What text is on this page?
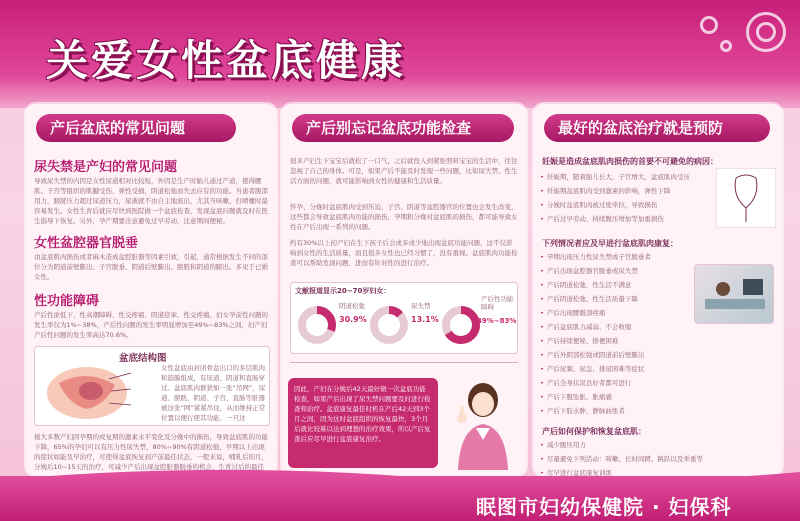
关爱女性盆底健康
产后盆底的常见问题
尿失禁是产妇的常见问题
导致尿失禁的内因是女性尿道相对比较短，外因是生产时胎儿通过产道，使得腰肌、子宫等组织的肌腱受伤，弹性受损，阴道松弛而失去应有的功能。当患者腹部用力，膀胱压力超过尿道压力，尿液就不由自主地流出，尤其当咳嗽、打喷嚏时最容易发生。女性生育后就应尽快到医院做一个盆底检查，发现盆底问题就及时在医生指导下恢复。另外，孕产期要注意避免过早劳动，注意期间便秘。
女性盆腔器官脱垂
由盆底肌肉损伤或者麻木造成盆腔脏器等因素引致，引起，通常根据发生不同的部位分为阴道前壁膨出、子宫脱垂、阴道后壁膨出、膀胱和阴道的膨出。多见于已婚女性。
性功能障碍
产后性欲低下、性高潮障碍、性交疼痛、阴道痉挛、性交疼痛。妇女孕前性问题的发生率仅为1%~38%，产后性问题的发生率明显增加至49%~83%之间，妇产妇产后性问题的发生率高达70.6%。
盆底结构图
女性盆底由封闭骨盆出口的多层肌肉和筋膜组成，有尿道、阴道和直肠穿过。盆底肌肉群犹如一张“吊网”，尿道、膀胱、阴道、子宫、直肠等脏器被这张“网”紧紧吊住，从而维持正常位置以便行使其功能。一旦这
根大多数产妇因孕期的或复期的激素水平变化及分娩中的损伤，导致盆底肌的功能下降，65%的孕妇可以有压力性尿失禁，80%~90%有阴道松弛，早期以上出现的症状如能及早治疗，可使得盆底恢复到产前最佳状态，一般来说，哺乳后的月，分娩后10~15天的治疗，可减少产后出现盆腔脏器脱垂的机会，生育过后的最佳
产后别忘记盆底功能检查
很多产妇生下宝宝后就松了一口气，之后就投入到紧张照料宝宝的生活中，往往忽视了自己的身体。可是，如果产后不能及时发现一些问题，比如尿失禁、性生活方面的问题，就可能影响到女性的健康和生活质量。
怀孕、分娩时盆底肌肉受到压迫，子宫、阴道等盆腔器官的位置也会发生改变，这些都会导致盆底肌肉功能的损伤，孕期和分娩对盆底肌的损伤，都可能导致女性在产后出现一系列的问题。
约有30%以上的产妇在生下孩子后会或多或少地出现盆底功能问题，这不仅影响到女性的生活质量，而且很多女性也已经习惯了，没有重视。盆底肌肉功能检查可以帮助发现问题，进而有针对性的进行治疗。
文献报道显示20~70岁妇女：
阴道松弛
30.9%
尿失禁
13.1%
产后性功能障碍
49%~83%
因此，产妇在分娩后42天最好做一次盆底功能检查，如果产后出现了尿失禁问题要及时进行检查和治疗。盆底康复最佳时机在产后42天到3个月之间，因为这时盆底组织的恢复最快，3个月后就比较难以达到理想的治疗效果，所以产后复查后应尽早进行盆底康复治疗。
最好的盆底治疗就是预防
妊娠是造成盆底肌肉损伤的首要不可避免的病因：
• 妊娠期，随着胎儿长大，子宫增大，盆底肌肉受压
• 妊娠期盆底肌肉受到激素的影响，弹性下降
• 分娩时盆底肌肉被过度牵拉，导致损伤
• 产后过早劳动、持续腹压增加等加重损伤
下列情况者应及早进行盆底肌肉康复：
• 孕期出现压力性尿失禁或子宫脱垂者
• 产后出现盆腔器官脱垂或尿失禁
• 产后阴道松弛，性生活不满意
• 产后阴道松弛、性生活质量下降
• 产后出现腰骶部疼痛
• 产后盆底肌力减弱、不会收缩
• 产后持续便秘、排便困难
• 产后外阴部松弛或阴道前后壁膨出
• 产后尿频、尿急、排尿困难等症状
• 产后全身状况良好者都可进行
• 产后下腹坠胀、胀痛感
• 产后下肢水肿、静脉曲张者
产后如何保护和恢复盆底肌：
• 减少腹压用力
• 尽量避免下列活动：咳嗽、长时间蹲、跳跃以及举重等
• 尽早进行盆底康复训练
眠图市妇幼保健院 · 妇保科
